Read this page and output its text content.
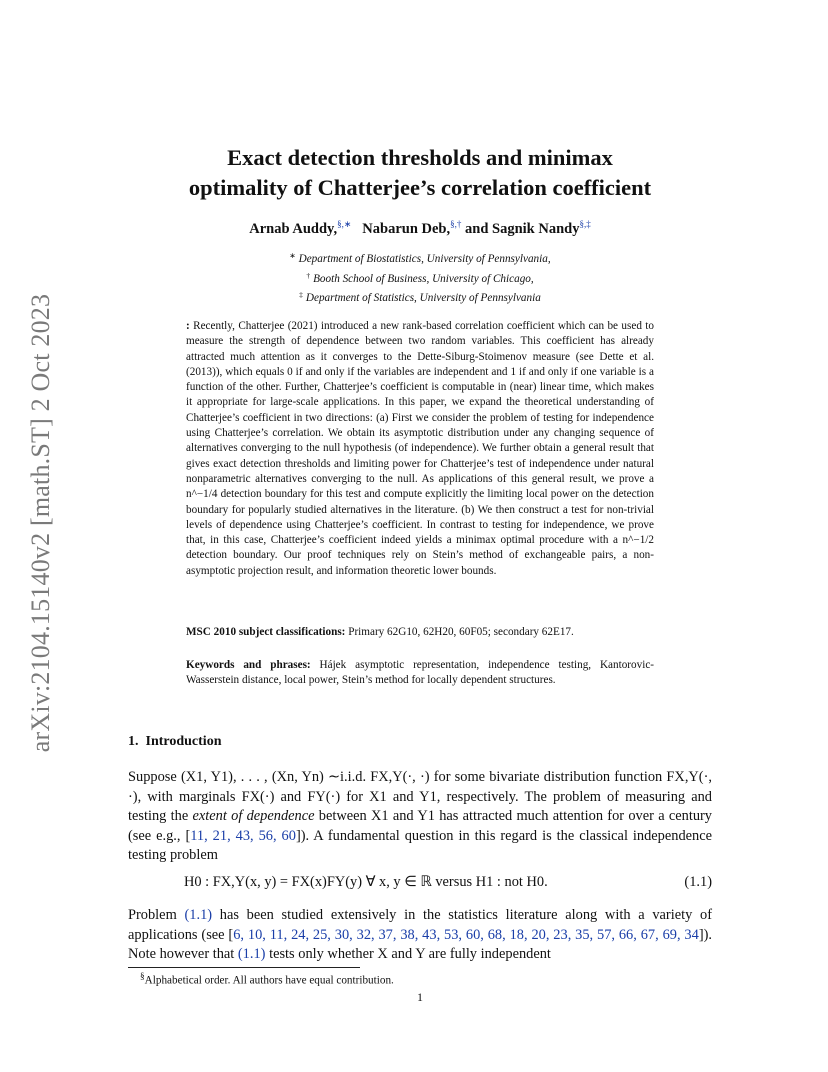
arXiv:2104.15140v2 [math.ST] 2 Oct 2023
Exact detection thresholds and minimax
optimality of Chatterjee’s correlation coefficient
Arnab Auddy,§,∗ Nabarun Deb,§,† and Sagnik Nandy§,‡
∗ Department of Biostatistics, University of Pennsylvania,
† Booth School of Business, University of Chicago,
‡ Department of Statistics, University of Pennsylvania

: Recently, Chatterjee (2021) introduced a new rank-based correlation coefficient which can be used to measure the strength of dependence between two random variables. This coefficient has already attracted much attention as it converges to the Dette-Siburg-Stoimenov measure (see Dette et al. (2013)), which equals 0 if and only if the variables are independent and 1 if and only if one variable is a function of the other. Further, Chatterjee’s coefficient is computable in (near) linear time, which makes it appropriate for large-scale applications. In this paper, we expand the theoretical understanding of Chatterjee’s coefficient in two directions: (a) First we consider the problem of testing for independence using Chatterjee’s correlation. We obtain its asymptotic distribution under any changing sequence of alternatives converging to the null hypothesis (of independence). We further obtain a general result that gives exact detection thresholds and limiting power for Chatterjee’s test of independence under natural nonparametric alternatives converging to the null. As applications of this general result, we prove a n^−1/4 detection boundary for this test and compute explicitly the limiting local power on the detection boundary for popularly studied alternatives in the literature. (b) We then construct a test for non-trivial levels of dependence using Chatterjee’s coefficient. In contrast to testing for independence, we prove that, in this case, Chatterjee’s coefficient indeed yields a minimax optimal procedure with a n^−1/2 detection boundary. Our proof techniques rely on Stein’s method of exchangeable pairs, a non-asymptotic projection result, and information theoretic lower bounds.

MSC 2010 subject classifications: Primary 62G10, 62H20, 60F05; secondary 62E17.
Keywords and phrases: Hájek asymptotic representation, independence testing, Kantorovic-Wasserstein distance, local power, Stein’s method for locally dependent structures.
1. Introduction
Suppose (X1, Y1), . . . , (Xn, Yn) ∼i.i.d. FX,Y(·, ·) for some bivariate distribution function FX,Y(·, ·), with marginals FX(·) and FY(·) for X1 and Y1, respectively. The problem of measuring and testing the extent of dependence between X1 and Y1 has attracted much attention for over a century (see e.g., [11, 21, 43, 56, 60]). A fundamental question in this regard is the classical independence testing problem
H0 : FX,Y(x, y) = FX(x)FY(y) ∀ x, y ∈ ℝ versus H1 : not H0.	(1.1)
Problem (1.1) has been studied extensively in the statistics literature along with a variety of applications (see [6, 10, 11, 24, 25, 30, 32, 37, 38, 43, 53, 60, 68, 18, 20, 23, 35, 57, 66, 67, 69, 34]). Note however that (1.1) tests only whether X and Y are fully independent
§Alphabetical order. All authors have equal contribution.
1
